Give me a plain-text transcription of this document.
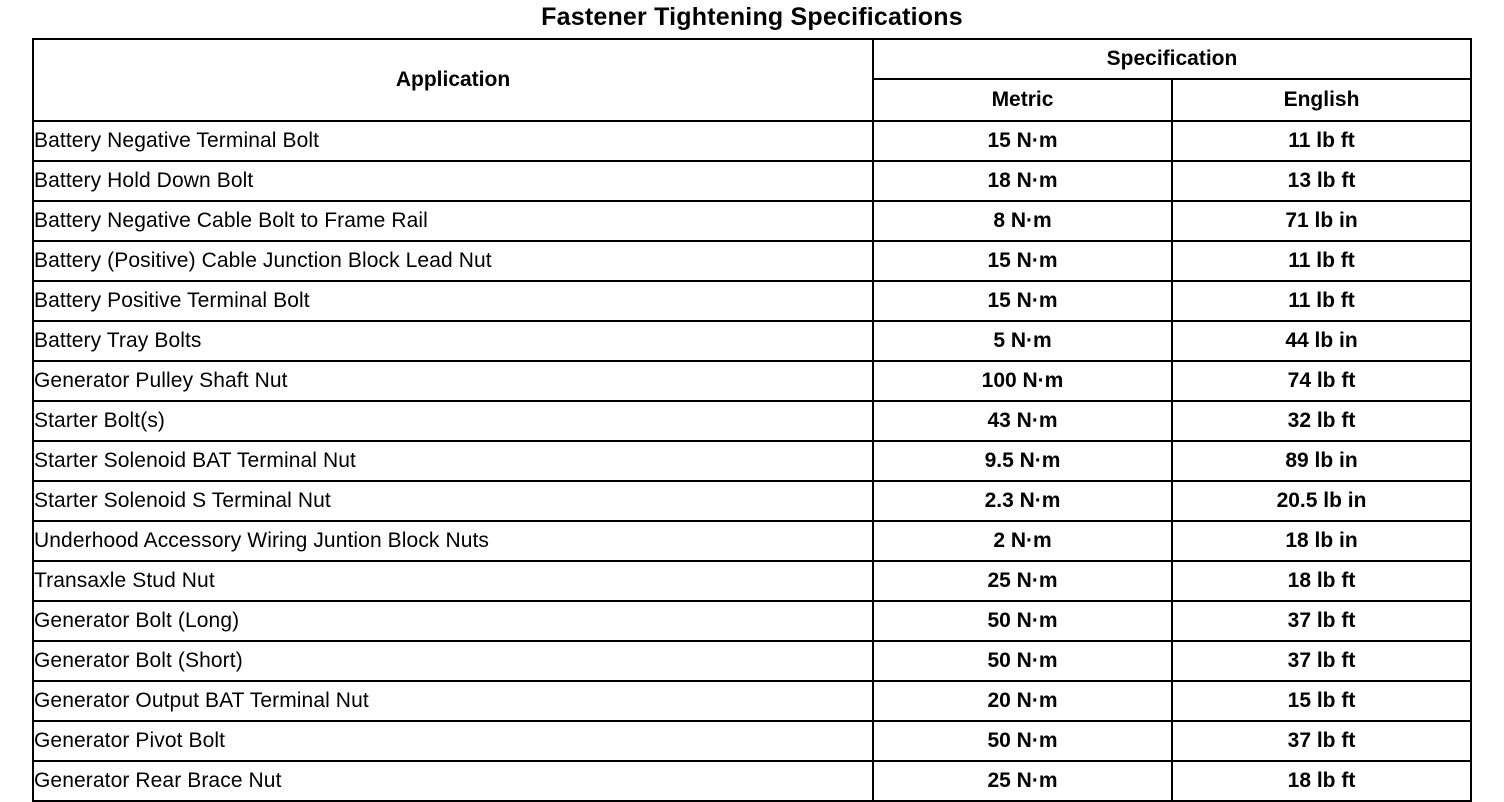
Fastener Tightening Specifications
Application	Specification	
	Metric	English
Battery Negative Terminal Bolt	15 N·m	11 lb ft
Battery Hold Down Bolt	18 N·m	13 lb ft
Battery Negative Cable Bolt to Frame Rail	8 N·m	71 lb in
Battery (Positive) Cable Junction Block Lead Nut	15 N·m	11 lb ft
Battery Positive Terminal Bolt	15 N·m	11 lb ft
Battery Tray Bolts	5 N·m	44 lb in
Generator Pulley Shaft Nut	100 N·m	74 lb ft
Starter Bolt(s)	43 N·m	32 lb ft
Starter Solenoid BAT Terminal Nut	9.5 N·m	89 lb in
Starter Solenoid S Terminal Nut	2.3 N·m	20.5 lb in
Underhood Accessory Wiring Juntion Block Nuts	2 N·m	18 lb in
Transaxle Stud Nut	25 N·m	18 lb ft
Generator Bolt (Long)	50 N·m	37 lb ft
Generator Bolt (Short)	50 N·m	37 lb ft
Generator Output BAT Terminal Nut	20 N·m	15 lb ft
Generator Pivot Bolt	50 N·m	37 lb ft
Generator Rear Brace Nut	25 N·m	18 lb ft
